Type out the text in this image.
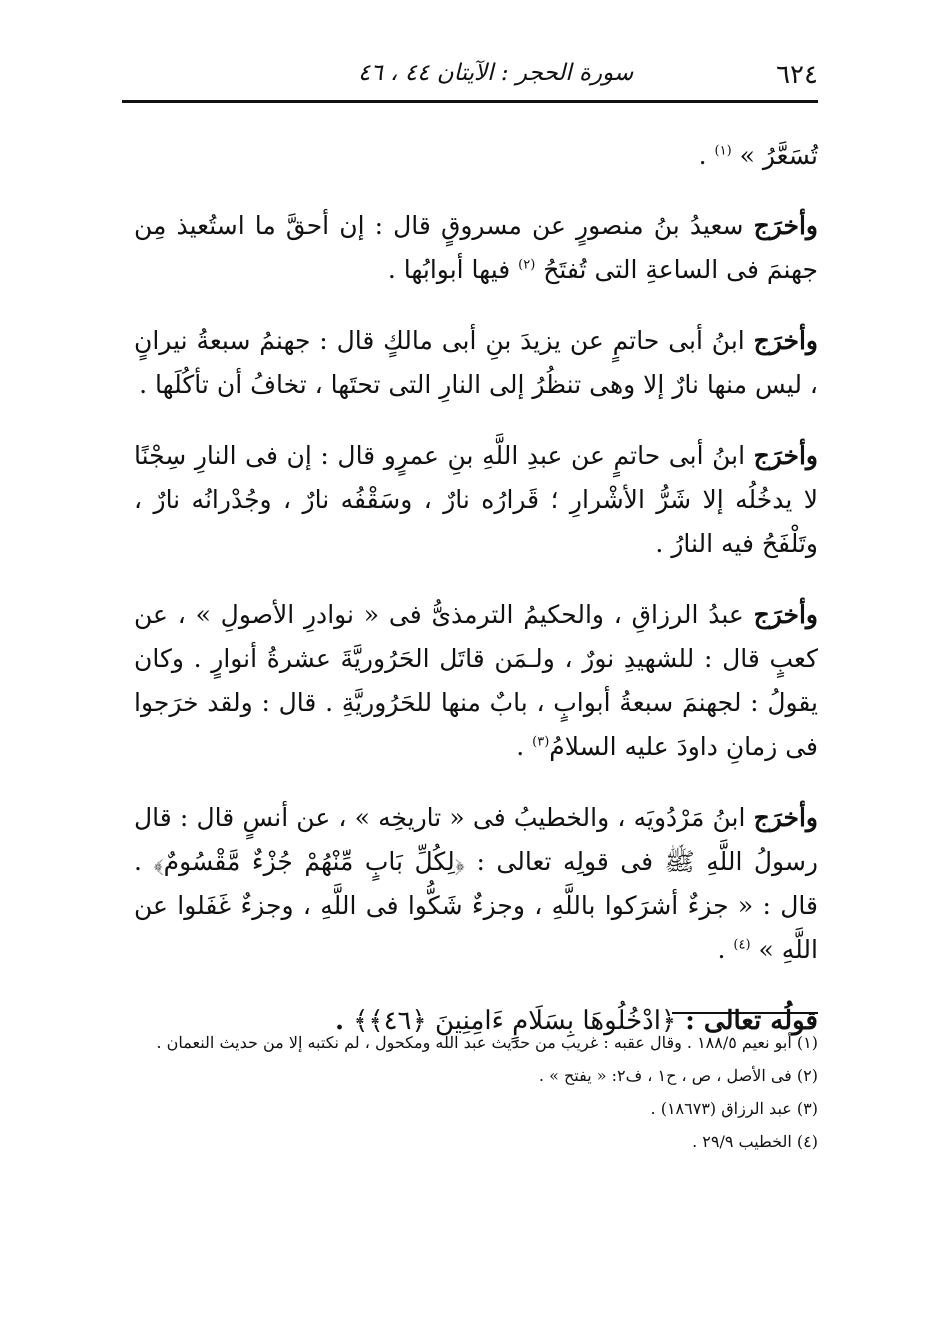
٦٢٤
سورة الحجر : الآيتان ٤٤ ، ٤٦

تُسَعَّرُ » $^{(١)}$ .

وأخرَج سعيدُ بنُ منصورٍ عن مسروقٍ قال : إن أحقَّ ما استُعيذ مِن جهنمَ فى الساعةِ التى تُفتَحُ $^{(٢)}$ فيها أبوابُها .

وأخرَج ابنُ أبى حاتمٍ عن يزيدَ بنِ أبى مالكٍ قال : جهنمُ سبعةُ نيرانٍ ، ليس منها نارٌ إلا وهى تنظُرُ إلى النارِ التى تحتَها ، تخافُ أن تأكُلَها .

وأخرَج ابنُ أبى حاتمٍ عن عبدِ اللَّهِ بنِ عمرٍو قال : إن فى النارِ سِجْنًا لا يدخُلُه إلا شَرُّ الأشْرارِ ؛ قَرارُه نارٌ ، وسَقْفُه نارٌ ، وجُدْرانُه نارٌ ، وتَلْفَحُ فيه النارُ .

وأخرَج عبدُ الرزاقِ ، والحكيمُ الترمذىُّ فى « نوادرِ الأصولِ » ، عن كعبٍ قال : للشهيدِ نورٌ ، ولـمَن قاتَل الحَرُوريَّةَ عشرةُ أنوارٍ . وكان يقولُ : لجهنمَ سبعةُ أبوابٍ ، بابٌ منها للحَرُوريَّةِ . قال : ولقد خرَجوا فى زمانِ داودَ عليه السلامُ$^{(٣)}$ .

وأخرَج ابنُ مَرْدُويَه ، والخطيبُ فى « تاريخِه » ، عن أنسٍ قال : قال رسولُ اللَّهِ ﷺ فى قولِه تعالى : ﴿لِكُلِّ بَابٍ مِّنْهُمْ جُزْءٌ مَّقْسُومٌ﴾ . قال : « جزءٌ أشرَكوا باللَّهِ ، وجزءٌ شَكُّوا فى اللَّهِ ، وجزءٌ غَفَلوا عن اللَّهِ » $^{(٤)}$ .

قولُه تعالى : ﴿ادْخُلُوهَا بِسَلَامٍ ءَامِنِينَ ﴿٤٦﴾﴾ .

(١) أبو نعيم ١٨٨/٥ . وقال عقبه : غريب من حديث عبد الله ومكحول ، لم نكتبه إلا من حديث النعمان .

(٢) فى الأصل ، ص ، ح١ ، ف٢: « يفتح » .

(٣) عبد الرزاق (١٨٦٧٣) .

(٤) الخطيب ٢٩/٩ .
